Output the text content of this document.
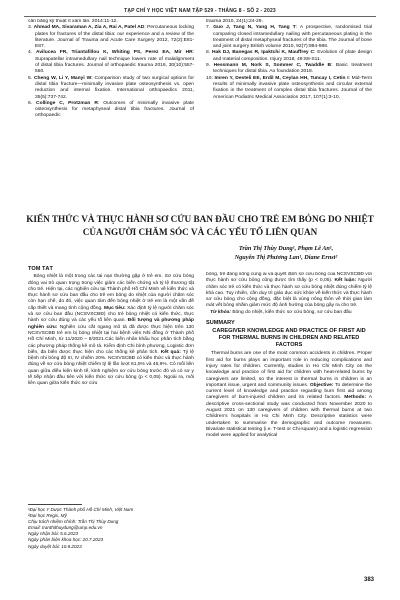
TẠP CHÍ Y HỌC VIỆT NAM TẬP 529 - THÁNG 8 - SỐ 2 - 2023

cẳn bằng kỹ thuật ít xâm lấn. 2014:11-12.

3. Ahmad MA, Sivaraman A, Zia A, Rai A, Patel AD: Percutaneous locking plates for fractures of the distal tibia: our experience and a review of the literature. Journal of Trauma and Acute Care Surgery 2012, 72(2):E81-E87.

4. Avilucea FR, Triantafillou K, Whiting PS, Perez EA, Mir HR: Suprapatellar intramedullary nail technique lowers rate of malalignment of distal tibia fractures. Journal of orthopaedic trauma 2016, 30(10):557-560.

5. Cheng W, Li Y, Manyi W: Comparison study of two surgical options for distal tibia fracture—minimally invasive plate osteosynthesis vs. open reduction and internal fixation. International orthopaedics 2011, 35(5):737-742.

6. Collinge C, Protzman R: Outcomes of minimally invasive plate osteosynthesis for metaphyseal distal tibia fractures. Journal of orthopaedic

trauma 2010, 24(1):24-29.

7. Guo J, Tang N, Yang H, Tang T: A prospective, randomised trial comparing closed intramedullary nailing with percutaneous plating in the treatment of distal metaphyseal fractures of the tibia. The Journal of bone and joint surgery British volume 2010, 92(7):984-988.

8. Hak DJ, Banegas R, Ipaktchi K, Mauffrey C: Evolution of plate design and material composition. Injury 2018, 49:S8-S11.

9. Hessmann M, Nork S, Sommer C, Twaddle B: Basic treatment techniques for distal tibia. Ao foundation 2018.

10. Imren Y, Desteli EE, Erdil M, Ceylan HH, Tuncay I, Cetin I: Mid-Term results of minimally invasive plate osteosynthesis and circular external fixation in the treatment of complex distal tibia fractures. Journal of the American Podiatric Medical Association 2017, 107(1):3-10.

KIẾN THỨC VÀ THỰC HÀNH SƠ CỨU BAN ĐẦU CHO TRẺ EM BỎNG DO NHIỆT CỦA NGƯỜI CHĂM SÓC VÀ CÁC YẾU TỐ LIÊN QUAN
Trần Thị Thùy Dung¹, Phạm Lê An¹,
Nguyễn Thị Phương Lan¹, Diane Ernst²
TÓM TẮT

Bỏng nhiệt là một trong các tai nạn thường gặp ở trẻ em. Sơ cứu bỏng đóng vai trò quan trọng trong việc giảm các biến chứng và tỷ lệ thương tật cho trẻ. Hiện tại, các nghiên cứu tại Thành phố Hồ Chí Minh về kiến thức và thực hành sơ cứu ban đầu cho trẻ em bỏng do nhiệt của người chăm sóc còn hạn chế, do đó, việc quan tâm đến bỏng nhiệt ở trẻ em là một vấn đề cấp thiết và mang tính cộng đồng. Mục tiêu: Xác định tỷ lệ người chăm sóc và sơ cứu ban đầu (NCSVSCBĐ) cho trẻ bỏng nhiệt có kiến thức, thực hành sơ cứu đúng và các yếu tố liên quan. Đối tượng và phương pháp nghiên cứu: Nghiên cứu cắt ngang mô tả đã được thực hiện trên 130 NCSVSCBĐ trẻ em bị bỏng nhiệt tại hai bệnh viện Nhi đồng ở Thành phố Hồ Chí Minh, từ 11/2020 – 8/2021.Các biến nhân khẩu học phân tích bằng các phương pháp thống kê mô tả. Kiểm định Chi bình phương, Logistic đơn biến, đa biến được thực hiện cho các thống kê phân tích. Kết quả: Tỷ lệ bệnh nhi bỏng độ III, IV chiếm 20%. NCSVSCBĐ có kiến thức và thực hành đúng về sơ cứu bỏng nhiệt chiếm tỷ lệ lần lượt 61,5% và 46,9%. Có mối liên quan giữa điều kiện kinh tế, kinh nghiệm sơ cứu bỏng trước đó và có sơ y tế tiếp nhận đầu tiên với kiến thức sơ cứu bỏng (p < 0,05). Ngoài ra, mối liên quan giữa kiến thức sơ cứu

bỏng, trẻ đang sống cùng ai và quyết định sơ cứu bỏng của NCSVSCBĐ với thực hành sơ cứu bỏng cũng được tìm thấy (p < 0,05). Kết luận: Người chăm sóc trẻ có kiến thức và thực hành sơ cứu bỏng nhiệt đúng chiếm tỷ lệ khá cao. Tuy nhiên, cần duy trì giáo dục sức khỏe về kiến thức và thực hành sơ cứu bỏng cho cộng đồng, đặc biệt là vùng nông thôn về thời gian làm mát vết bỏng nhằm giảm mức độ ảnh hưởng của bỏng gây ra cho trẻ.

Từ khóa: Bỏng do nhiệt, kiến thức sơ cứu bỏng, sơ cứu ban đầu

SUMMARY
CAREGIVER KNOWLEDGE AND PRACTICE OF FIRST AID FOR THERMAL BURNS IN CHILDREN AND RELATED FACTORS

Thermal burns are one of the most common accidents in children. Proper first aid for burns plays an important role in reducing complications and injury rates for children. Currently, studies in Ho Chi Minh City on the knowledge and practice of first aid for children with heat-related burns by caregivers are limited, so the interest in thermal burns in children is an important issue, urgent and community issues. Objective: To determine the current level of knowledge and practice regarding burn first aid among caregivers of burn-injured children and its related factors. Methods: A descriptive cross-sectional study was conducted from November 2020 to August 2021 on 130 caregivers of children with thermal burns at two Children's hospitals in Ho Chi Minh City. Descriptive statistics were undertaken to summarise the demographic and outcome measures. Bivariate statistical testing (i.e. T-test or Chi-square) and a logistic regression model were applied for analytical

¹Đại học Y Dược Thành phố Hồ Chí Minh, Việt Nam
²Đại học Regis, Mỹ
Chịu trách nhiệm chính: Trần Thị Thùy Dung
Email: tranthithuydung@ump.edu.vn
Ngày nhận bài: 5.6.2023
Ngày phản biện khoa học: 20.7.2023
Ngày duyệt bài: 10.8.2023
383
